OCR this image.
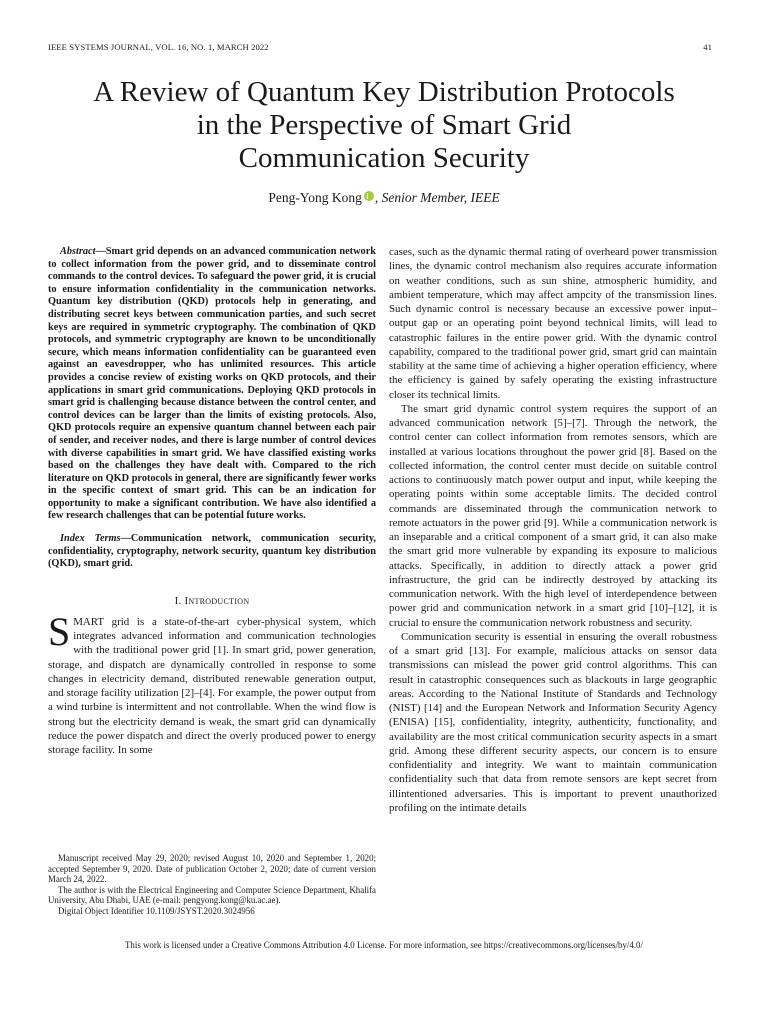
IEEE SYSTEMS JOURNAL, VOL. 16, NO. 1, MARCH 2022	41
A Review of Quantum Key Distribution Protocols
in the Perspective of Smart Grid
Communication Security
Peng-Yong Kong , Senior Member, IEEE

Abstract—Smart grid depends on an advanced communication network to collect information from the power grid, and to disseminate control commands to the control devices. To safeguard the power grid, it is crucial to ensure information confidentiality in the communication networks. Quantum key distribution (QKD) protocols help in generating, and distributing secret keys between communication parties, and such secret keys are required in symmetric cryptography. The combination of QKD protocols, and symmetric cryptography are known to be unconditionally secure, which means information confidentiality can be guaranteed even against an eavesdropper, who has unlimited resources. This article provides a concise review of existing works on QKD protocols, and their applications in smart grid communications. Deploying QKD protocols in smart grid is challenging because distance between the control center, and control devices can be larger than the limits of existing protocols. Also, QKD protocols require an expensive quantum channel between each pair of sender, and receiver nodes, and there is large number of control devices with diverse capabilities in smart grid. We have classified existing works based on the challenges they have dealt with. Compared to the rich literature on QKD protocols in general, there are significantly fewer works in the specific context of smart grid. This can be an indication for opportunity to make a significant contribution. We have also identified a few research challenges that can be potential future works.

Index Terms—Communication network, communication security, confidentiality, cryptography, network security, quantum key distribution (QKD), smart grid.

I. Introduction

SMART grid is a state-of-the-art cyber-physical system, which integrates advanced information and communication technologies with the traditional power grid [1]. In smart grid, power generation, storage, and dispatch are dynamically controlled in response to some changes in electricity demand, distributed renewable generation output, and storage facility utilization [2]–[4]. For example, the power output from a wind turbine is intermittent and not controllable. When the wind flow is strong but the electricity demand is weak, the smart grid can dynamically reduce the power dispatch and direct the overly produced power to energy storage facility. In some

cases, such as the dynamic thermal rating of overheard power transmission lines, the dynamic control mechanism also requires accurate information on weather conditions, such as sun shine, atmospheric humidity, and ambient temperature, which may affect ampcity of the transmission lines. Such dynamic control is necessary because an excessive power input–output gap or an operating point beyond technical limits, will lead to catastrophic failures in the entire power grid. With the dynamic control capability, compared to the traditional power grid, smart grid can maintain stability at the same time of achieving a higher operation efficiency, where the efficiency is gained by safely operating the existing infrastructure closer its technical limits.

The smart grid dynamic control system requires the support of an advanced communication network [5]–[7]. Through the network, the control center can collect information from remotes sensors, which are installed at various locations throughout the power grid [8]. Based on the collected information, the control center must decide on suitable control actions to continuously match power output and input, while keeping the operating points within some acceptable limits. The decided control commands are disseminated through the communication network to remote actuators in the power grid [9]. While a communication network is an inseparable and a critical component of a smart grid, it can also make the smart grid more vulnerable by expanding its exposure to malicious attacks. Specifically, in addition to directly attack a power grid infrastructure, the grid can be indirectly destroyed by attacking its communication network. With the high level of interdependence between power grid and communication network in a smart grid [10]–[12], it is crucial to ensure the communication network robustness and security.

Communication security is essential in ensuring the overall robustness of a smart grid [13]. For example, malicious attacks on sensor data transmissions can mislead the power grid control algorithms. This can result in catastrophic consequences such as blackouts in large geographic areas. According to the National Institute of Standards and Technology (NIST) [14] and the European Network and Information Security Agency (ENISA) [15], confidentiality, integrity, authenticity, functionality, and availability are the most critical communication security aspects in a smart grid. Among these different security aspects, our concern is to ensure confidentiality and integrity. We want to maintain communication confidentiality such that data from remote sensors are kept secret from illintentioned adversaries. This is important to prevent unauthorized profiling on the intimate details

Manuscript received May 29, 2020; revised August 10, 2020 and September 1, 2020; accepted September 9, 2020. Date of publication October 2, 2020; date of current version March 24, 2022.

The author is with the Electrical Engineering and Computer Science Department, Khalifa University, Abu Dhabi, UAE (e-mail: pengyong.kong@ku.ac.ae).

Digital Object Identifier 10.1109/JSYST.2020.3024956

This work is licensed under a Creative Commons Attribution 4.0 License. For more information, see https://creativecommons.org/licenses/by/4.0/
